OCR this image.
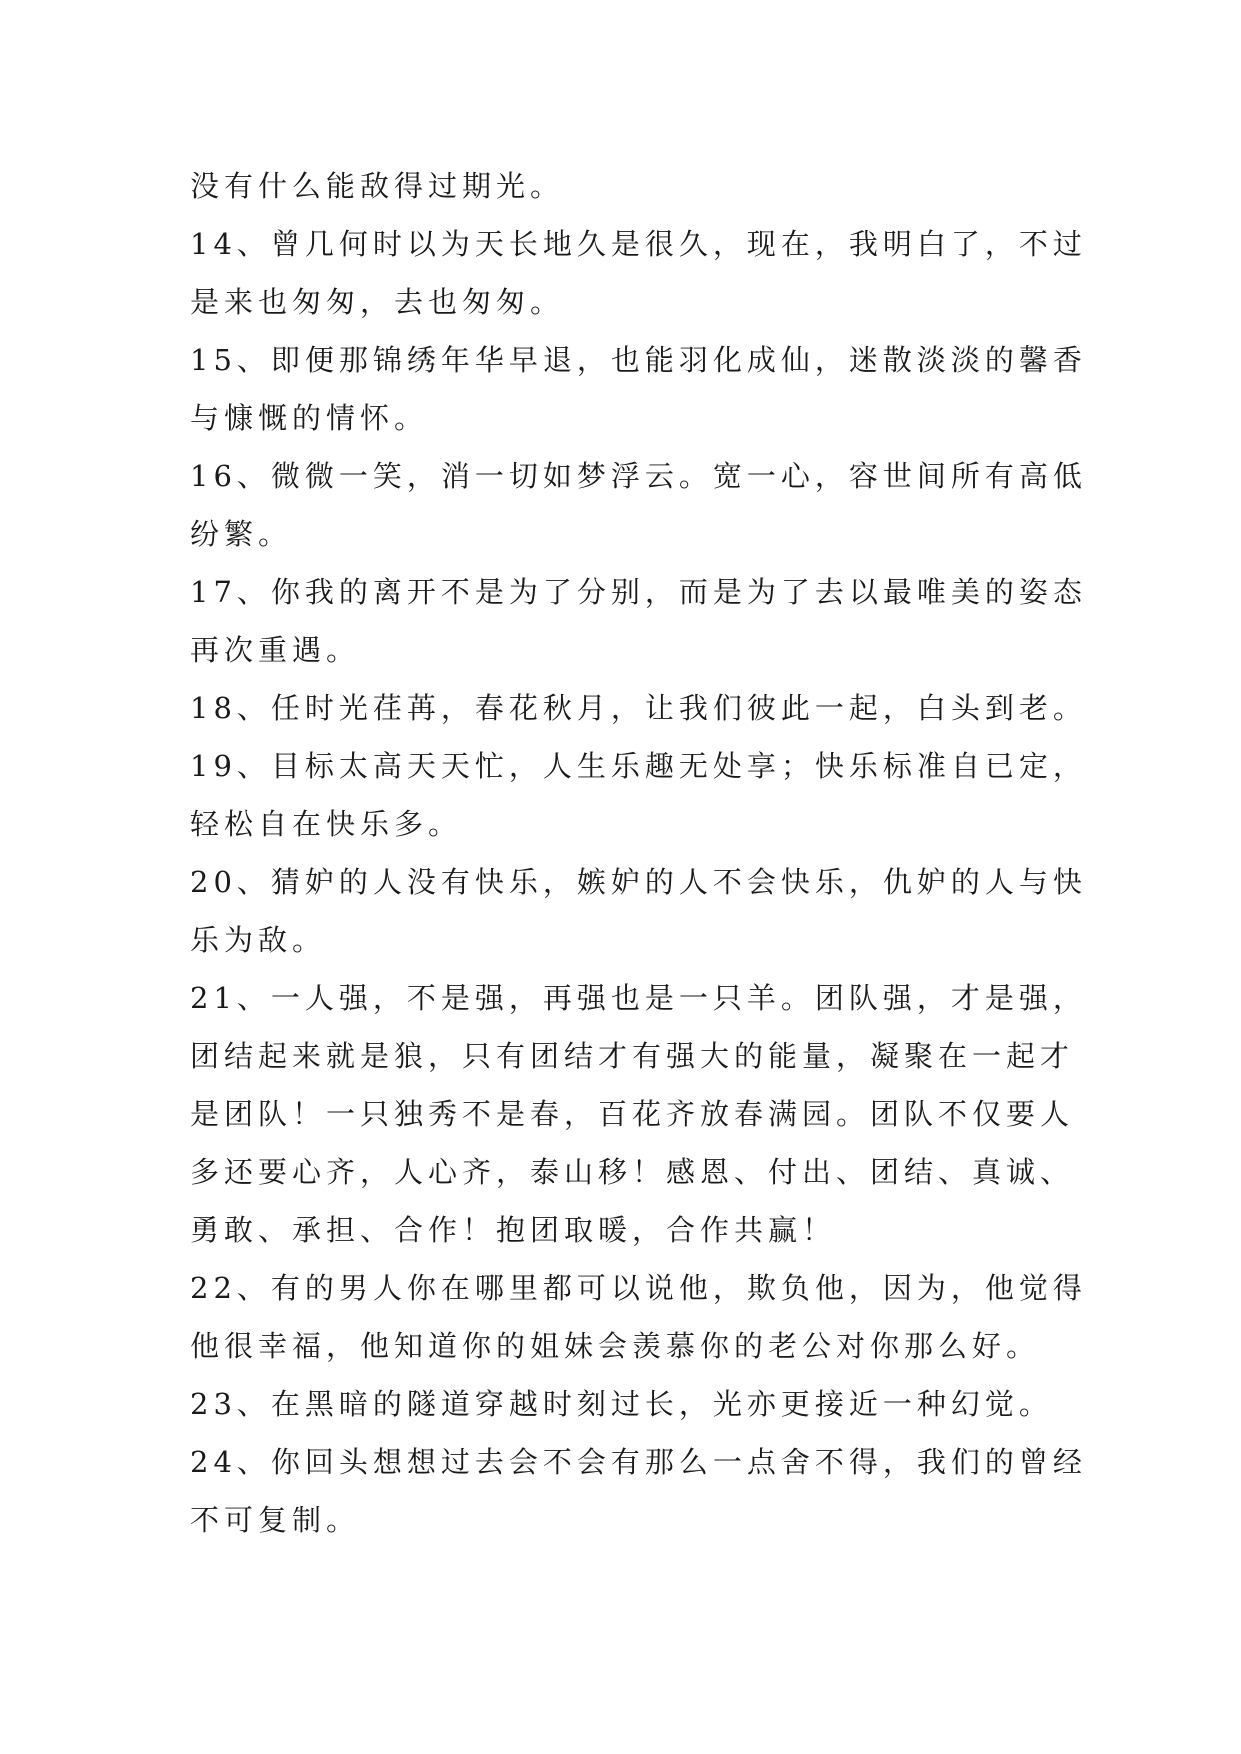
没有什么能敌得过期光。
14、曾几何时以为天长地久是很久，现在，我明白了，不过
是来也匆匆，去也匆匆。
15、即便那锦绣年华早退，也能羽化成仙，迷散淡淡的馨香
与慷慨的情怀。
16、微微一笑，消一切如梦浮云。宽一心，容世间所有高低
纷繁。
17、你我的离开不是为了分别，而是为了去以最唯美的姿态
再次重遇。
18、任时光荏苒，春花秋月，让我们彼此一起，白头到老。
19、目标太高天天忙，人生乐趣无处享；快乐标准自已定，
轻松自在快乐多。
20、猜妒的人没有快乐，嫉妒的人不会快乐，仇妒的人与快
乐为敌。
21、一人强，不是强，再强也是一只羊。团队强，才是强，
团结起来就是狼，只有团结才有强大的能量，凝聚在一起才
是团队！一只独秀不是春，百花齐放春满园。团队不仅要人
多还要心齐，人心齐，泰山移！感恩、付出、团结、真诚、
勇敢、承担、合作！抱团取暖，合作共赢！
22、有的男人你在哪里都可以说他，欺负他，因为，他觉得
他很幸福，他知道你的姐妹会羡慕你的老公对你那么好。
23、在黑暗的隧道穿越时刻过长，光亦更接近一种幻觉。
24、你回头想想过去会不会有那么一点舍不得，我们的曾经
不可复制。
